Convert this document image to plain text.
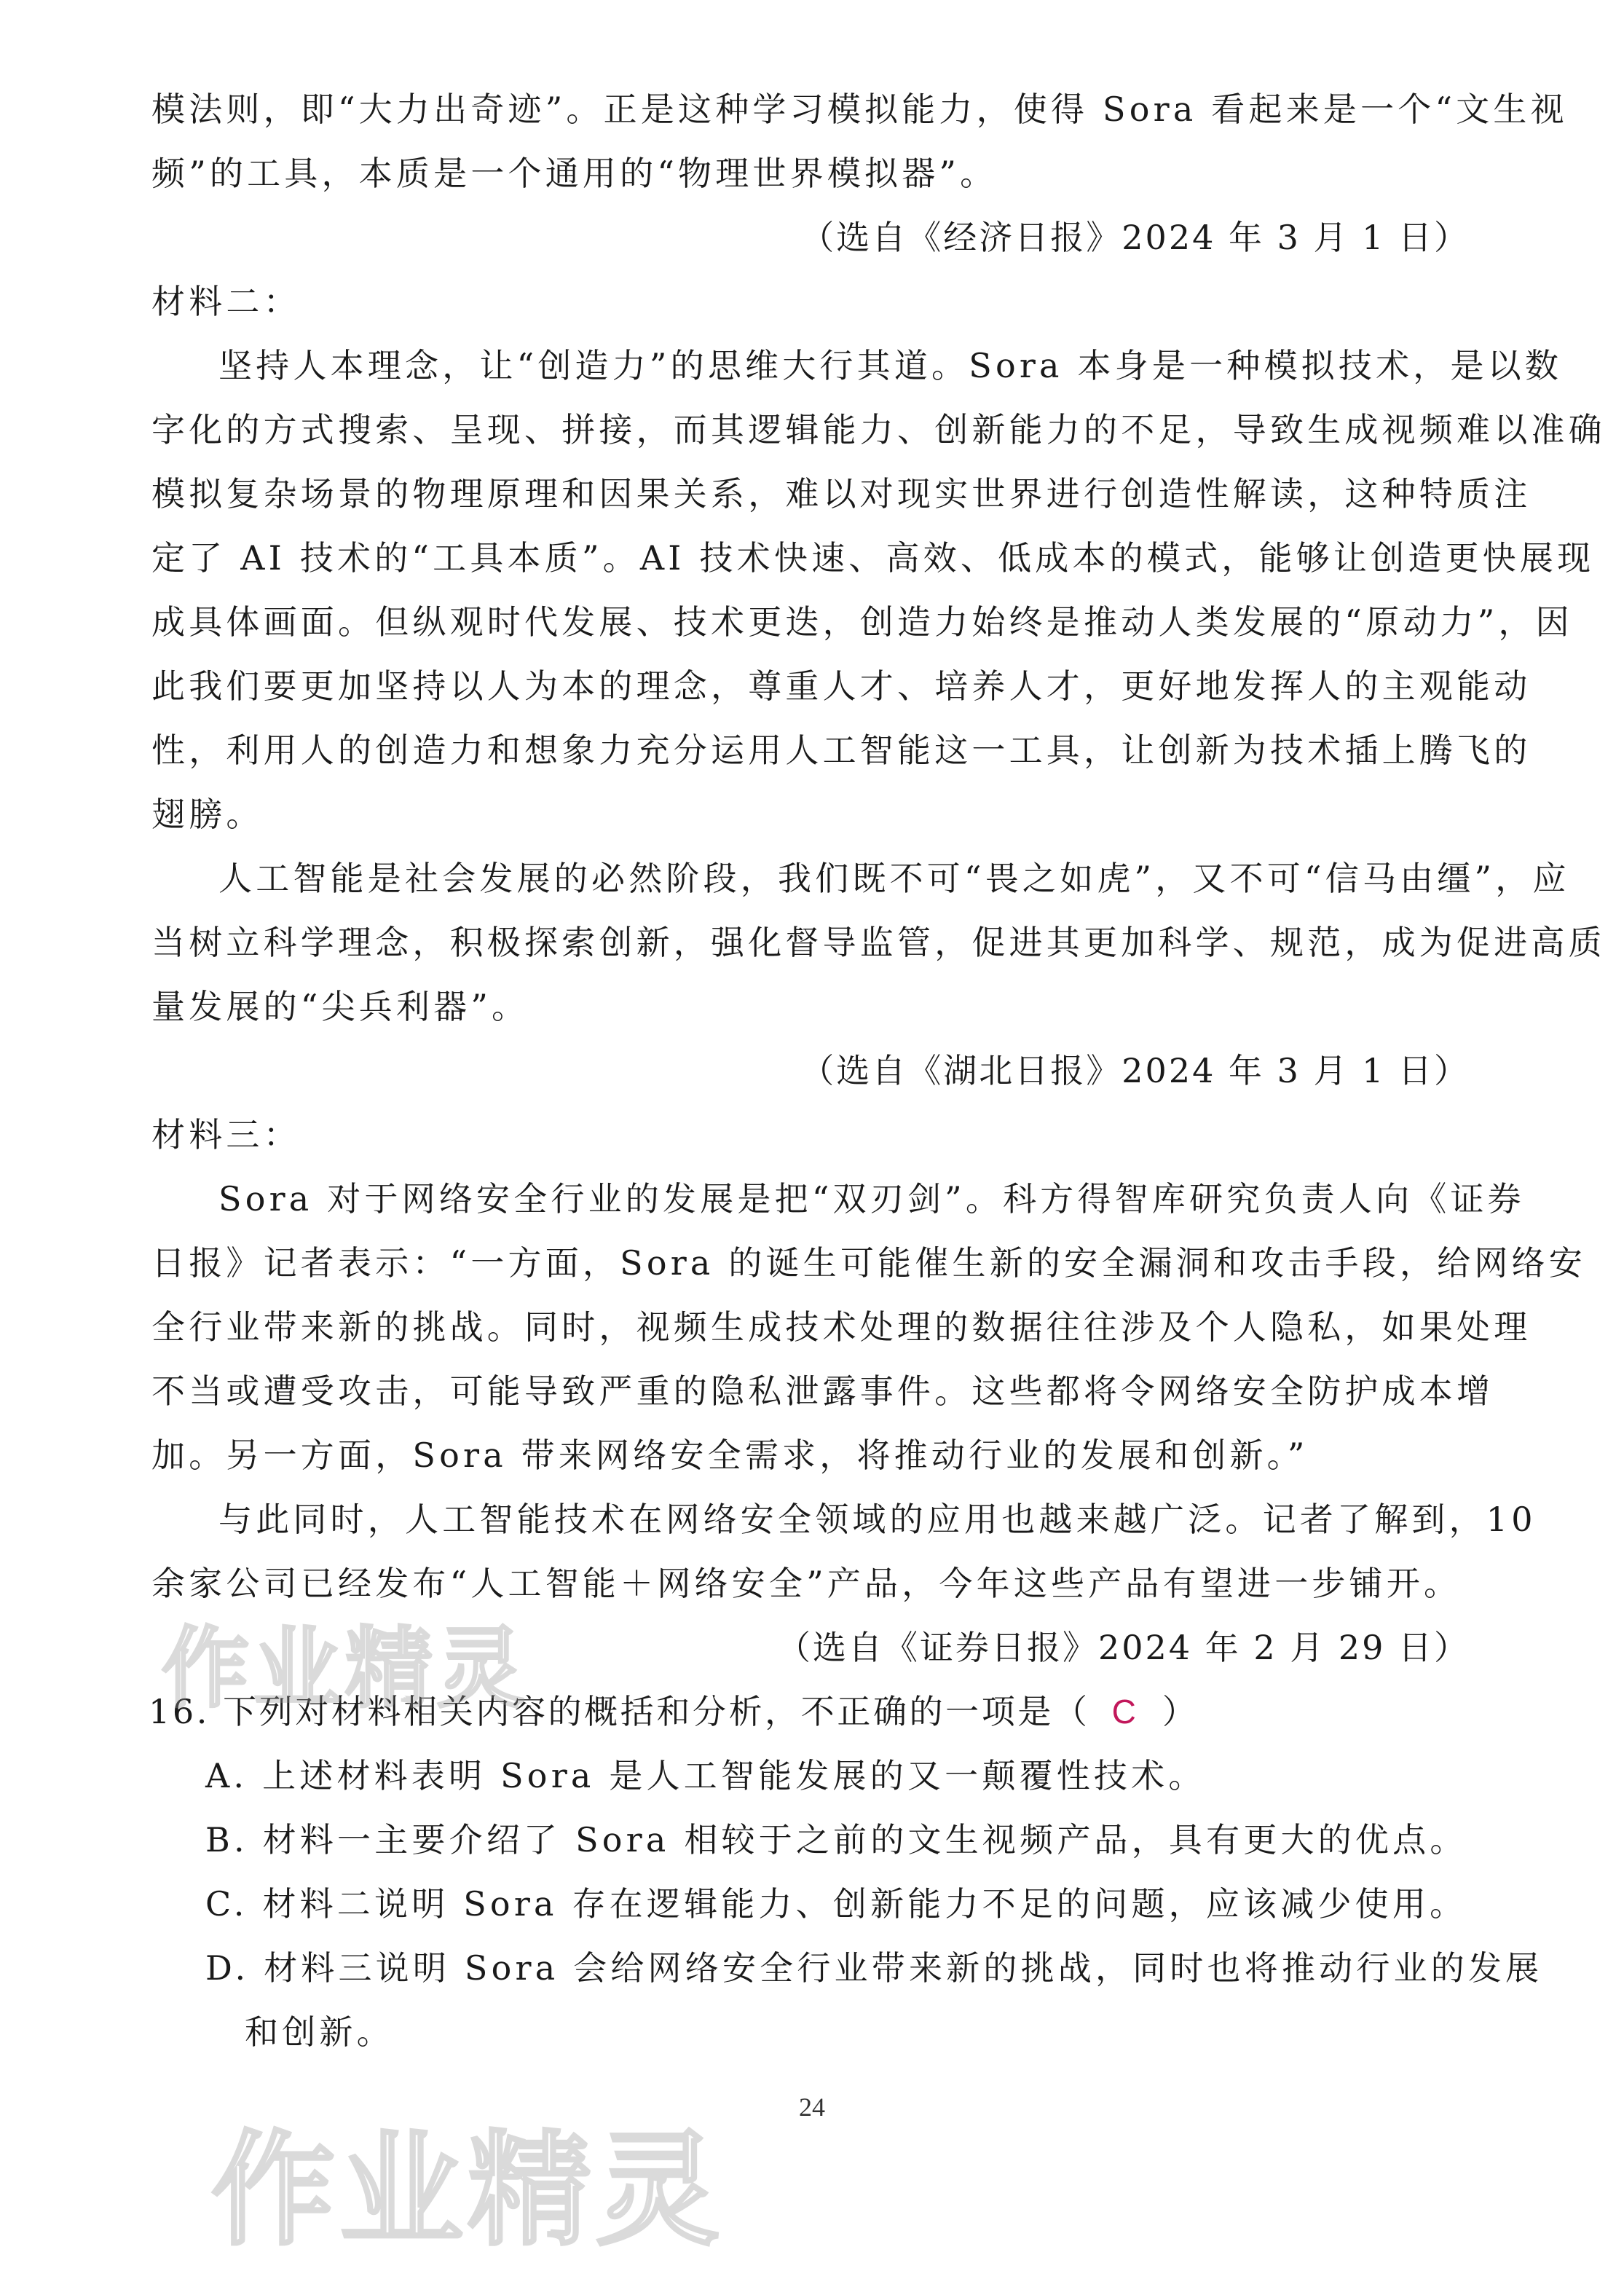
模法则，即“大力出奇迹”。正是这种学习模拟能力，使得 Sora 看起来是一个“文生视
频”的工具，本质是一个通用的“物理世界模拟器”。
（选自《经济日报》2024 年 3 月 1 日）
材料二：
坚持人本理念，让“创造力”的思维大行其道。Sora 本身是一种模拟技术，是以数
字化的方式搜索、呈现、拼接，而其逻辑能力、创新能力的不足，导致生成视频难以准确
模拟复杂场景的物理原理和因果关系，难以对现实世界进行创造性解读，这种特质注
定了 AI 技术的“工具本质”。AI 技术快速、高效、低成本的模式，能够让创造更快展现
成具体画面。但纵观时代发展、技术更迭，创造力始终是推动人类发展的“原动力”，因
此我们要更加坚持以人为本的理念，尊重人才、培养人才，更好地发挥人的主观能动
性，利用人的创造力和想象力充分运用人工智能这一工具，让创新为技术插上腾飞的
翅膀。
人工智能是社会发展的必然阶段，我们既不可“畏之如虎”，又不可“信马由缰”，应
当树立科学理念，积极探索创新，强化督导监管，促进其更加科学、规范，成为促进高质
量发展的“尖兵利器”。
（选自《湖北日报》2024 年 3 月 1 日）
材料三：
Sora 对于网络安全行业的发展是把“双刃剑”。科方得智库研究负责人向《证券
日报》记者表示：“一方面，Sora 的诞生可能催生新的安全漏洞和攻击手段，给网络安
全行业带来新的挑战。同时，视频生成技术处理的数据往往涉及个人隐私，如果处理
不当或遭受攻击，可能导致严重的隐私泄露事件。这些都将令网络安全防护成本增
加。另一方面，Sora 带来网络安全需求，将推动行业的发展和创新。”
与此同时，人工智能技术在网络安全领域的应用也越来越广泛。记者了解到，10
余家公司已经发布“人工智能＋网络安全”产品，今年这些产品有望进一步铺开。
（选自《证券日报》2024 年 2 月 29 日）
16. 下列对材料相关内容的概括和分析，不正确的一项是（ C ）
A. 上述材料表明 Sora 是人工智能发展的又一颠覆性技术。
B. 材料一主要介绍了 Sora 相较于之前的文生视频产品，具有更大的优点。
C. 材料二说明 Sora 存在逻辑能力、创新能力不足的问题，应该减少使用。
D. 材料三说明 Sora 会给网络安全行业带来新的挑战，同时也将推动行业的发展
和创新。
作业精灵
作业精灵
24
